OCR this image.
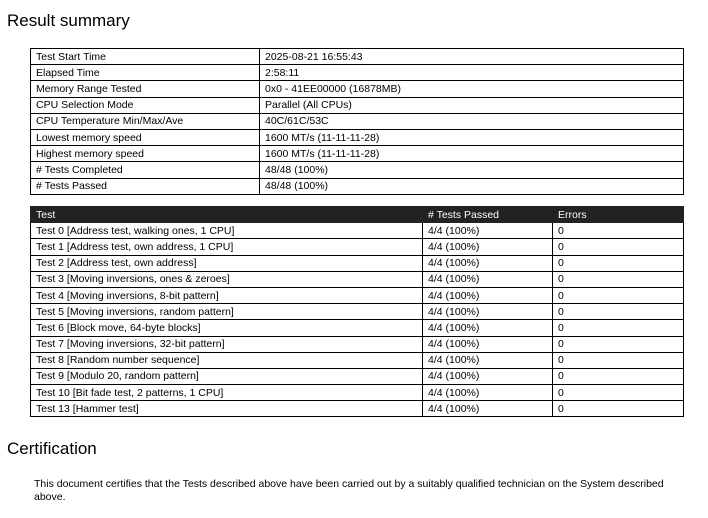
Result summary
Test Start Time	2025-08-21 16:55:43
Elapsed Time	2:58:11
Memory Range Tested	0x0 - 41EE00000 (16878MB)
CPU Selection Mode	Parallel (All CPUs)
CPU Temperature Min/Max/Ave	40C/61C/53C
Lowest memory speed	1600 MT/s (11-11-11-28)
Highest memory speed	1600 MT/s (11-11-11-28)
# Tests Completed	48/48 (100%)
# Tests Passed	48/48 (100%)
Test	# Tests Passed	Errors
Test 0 [Address test, walking ones, 1 CPU]	4/4 (100%)	0
Test 1 [Address test, own address, 1 CPU]	4/4 (100%)	0
Test 2 [Address test, own address]	4/4 (100%)	0
Test 3 [Moving inversions, ones & zeroes]	4/4 (100%)	0
Test 4 [Moving inversions, 8-bit pattern]	4/4 (100%)	0
Test 5 [Moving inversions, random pattern]	4/4 (100%)	0
Test 6 [Block move, 64-byte blocks]	4/4 (100%)	0
Test 7 [Moving inversions, 32-bit pattern]	4/4 (100%)	0
Test 8 [Random number sequence]	4/4 (100%)	0
Test 9 [Modulo 20, random pattern]	4/4 (100%)	0
Test 10 [Bit fade test, 2 patterns, 1 CPU]	4/4 (100%)	0
Test 13 [Hammer test]	4/4 (100%)	0
Certification

This document certifies that the Tests described above have been carried out by a suitably qualified technician on the System described above.
